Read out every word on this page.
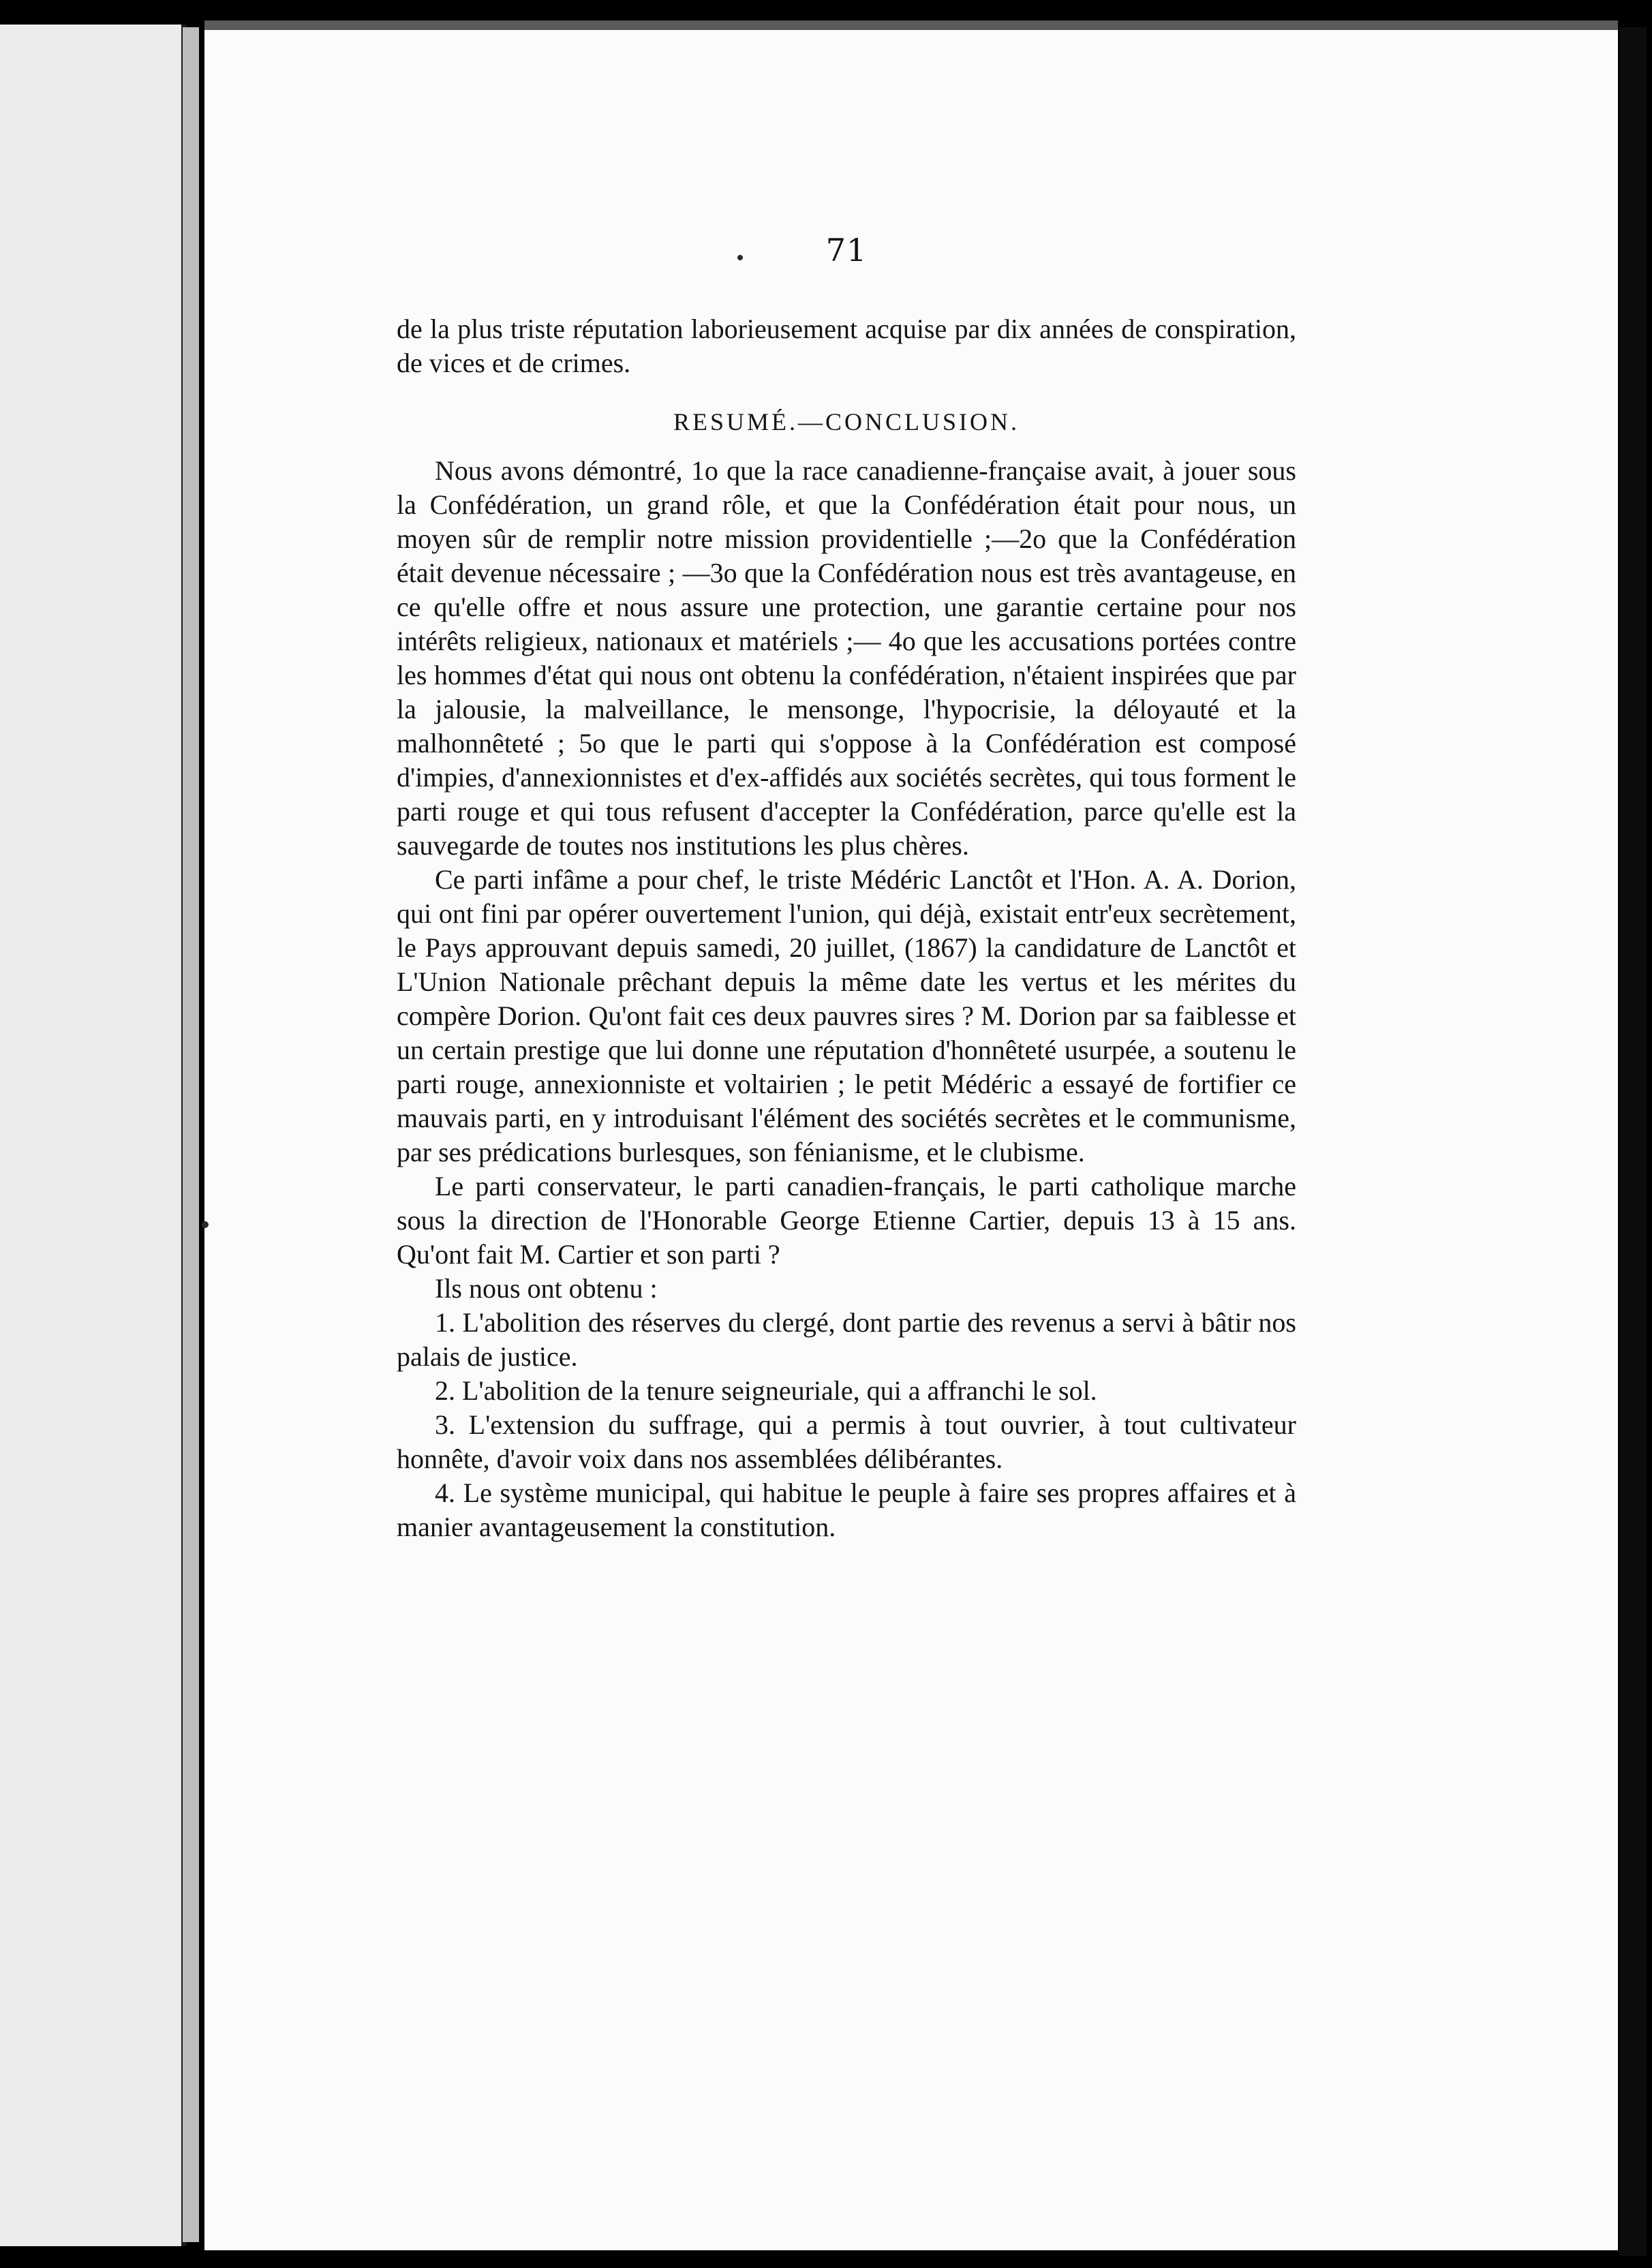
71

de la plus triste réputation laborieusement acquise par dix années de conspiration, de vices et de crimes.

RESUMÉ.—CONCLUSION.

Nous avons démontré, 1o que la race canadienne-française avait, à jouer sous la Confédération, un grand rôle, et que la Confédération était pour nous, un moyen sûr de remplir notre mission providentielle ;—2o que la Confédération était devenue nécessaire ; —3o que la Confédération nous est très avantageuse, en ce qu'elle offre et nous assure une protection, une garantie certaine pour nos intérêts religieux, nationaux et matériels ;— 4o que les accusations portées contre les hommes d'état qui nous ont obtenu la confédération, n'étaient inspirées que par la jalousie, la malveillance, le mensonge, l'hypocrisie, la déloyauté et la malhonnêteté ; 5o que le parti qui s'oppose à la Confédération est composé d'impies, d'annexionnistes et d'ex-affidés aux sociétés secrètes, qui tous forment le parti rouge et qui tous refusent d'accepter la Confédération, parce qu'elle est la sauvegarde de toutes nos institutions les plus chères.

Ce parti infâme a pour chef, le triste Médéric Lanctôt et l'Hon. A. A. Dorion, qui ont fini par opérer ouvertement l'union, qui déjà, existait entr'eux secrètement, le Pays approuvant depuis samedi, 20 juillet, (1867) la candidature de Lanctôt et L'Union Nationale prêchant depuis la même date les vertus et les mérites du compère Dorion. Qu'ont fait ces deux pauvres sires ? M. Dorion par sa faiblesse et un certain prestige que lui donne une réputation d'honnêteté usurpée, a soutenu le parti rouge, annexionniste et voltairien ; le petit Médéric a essayé de fortifier ce mauvais parti, en y introduisant l'élément des sociétés secrètes et le communisme, par ses prédications burlesques, son fénianisme, et le clubisme.

Le parti conservateur, le parti canadien-français, le parti catholique marche sous la direction de l'Honorable George Etienne Cartier, depuis 13 à 15 ans. Qu'ont fait M. Cartier et son parti ?

Ils nous ont obtenu :

1. L'abolition des réserves du clergé, dont partie des revenus a servi à bâtir nos palais de justice.

2. L'abolition de la tenure seigneuriale, qui a affranchi le sol.

3. L'extension du suffrage, qui a permis à tout ouvrier, à tout cultivateur honnête, d'avoir voix dans nos assemblées délibérantes.

4. Le système municipal, qui habitue le peuple à faire ses propres affaires et à manier avantageusement la constitution.
